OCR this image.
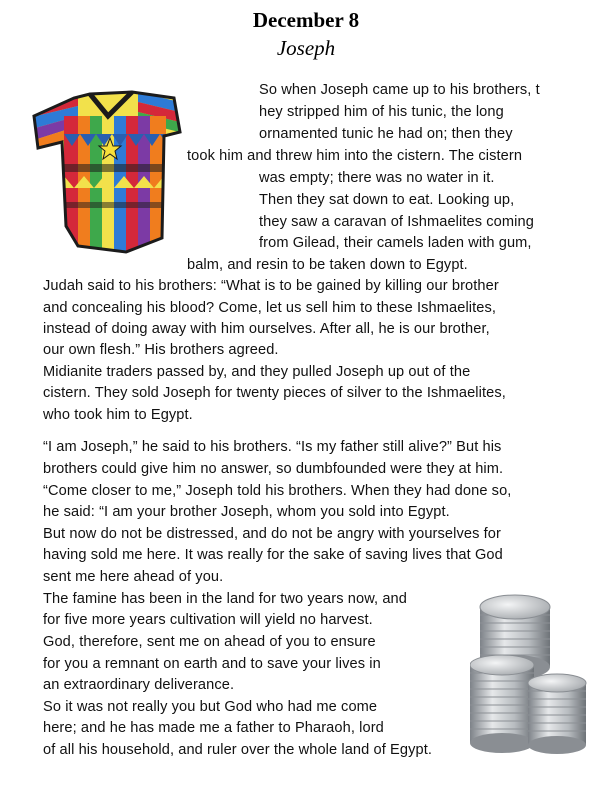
December 8
Joseph
So when Joseph came up to his brothers, t
hey stripped him of his tunic, the long
ornamented tunic he had on; then they
took him and threw him into the cistern. The cistern
was empty; there was no water in it.
Then they sat down to eat. Looking up,
they saw a caravan of Ishmaelites coming
from Gilead, their camels laden with gum,
balm, and resin to be taken down to Egypt.
Judah said to his brothers: “What is to be gained by killing our brother
and concealing his blood? Come, let us sell him to these Ishmaelites,
instead of doing away with him ourselves. After all, he is our brother,
our own flesh.” His brothers agreed.
Midianite traders passed by, and they pulled Joseph up out of the
cistern. They sold Joseph for twenty pieces of silver to the Ishmaelites,
who took him to Egypt.
“I am Joseph,” he said to his brothers. “Is my father still alive?” But his
brothers could give him no answer, so dumbfounded were they at him.
“Come closer to me,” Joseph told his brothers. When they had done so,
he said: “I am your brother Joseph, whom you sold into Egypt.
But now do not be distressed, and do not be angry with yourselves for
having sold me here. It was really for the sake of saving lives that God
sent me here ahead of you.
The famine has been in the land for two years now, and
for five more years cultivation will yield no harvest.
God, therefore, sent me on ahead of you to ensure
for you a remnant on earth and to save your lives in
an extraordinary deliverance.
So it was not really you but God who had me come
here; and he has made me a father to Pharaoh, lord
of all his household, and ruler over the whole land of Egypt.
